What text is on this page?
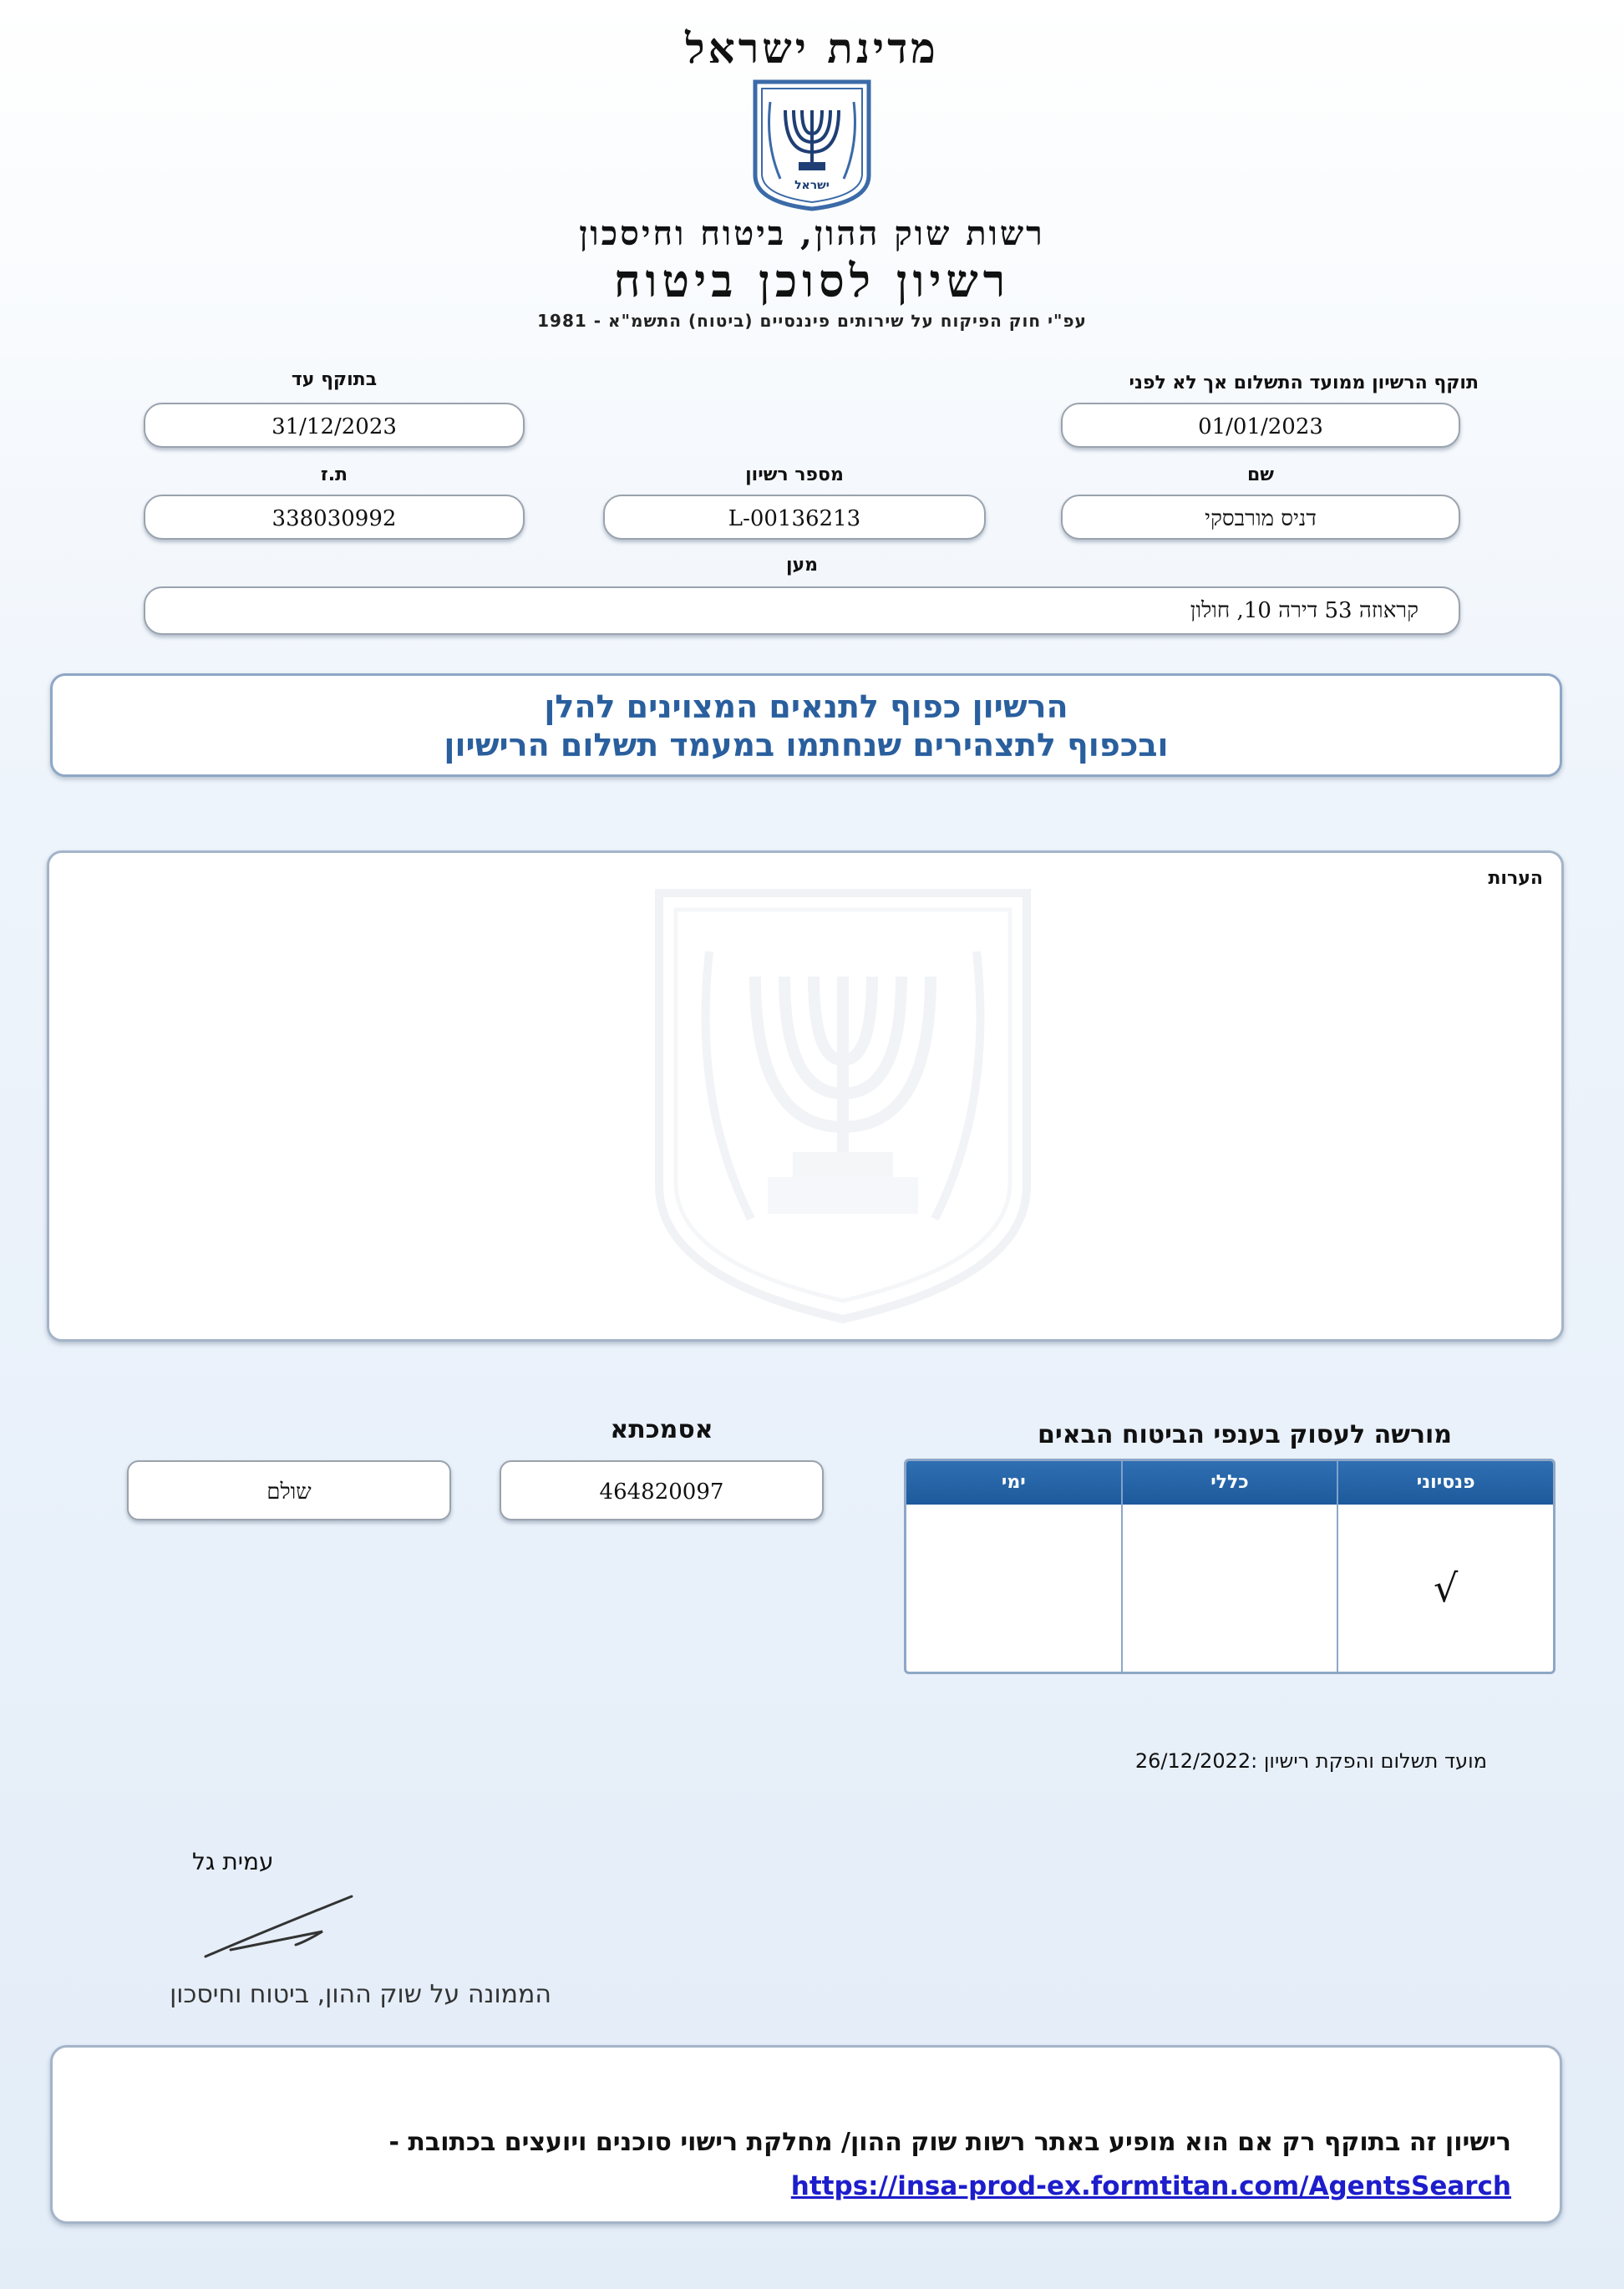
מדינת ישראל
ישראל
רשות שוק ההון, ביטוח וחיסכון
רשיון לסוכן ביטוח
עפ"י חוק הפיקוח על שירותים פיננסיים (ביטוח) התשמ"א - 1981
תוקף הרשיון ממועד התשלום אך לא לפני
01/01/2023
בתוקף עד
31/12/2023
שם
דניס מורבסקי
מספר רשיון
L-00136213
ת.ז
338030992
מען
קראוזה 53 דירה 10, חולון
הרשיון כפוף לתנאים המצוינים להלן
ובכפוף לתצהירים שנחתמו במעמד תשלום הרישיון
הערות
מורשה לעסוק בענפי הביטוח הבאים
פנסיוני
כללי
ימי
√
אסמכתא
464820097
שולם
מועד תשלום והפקת רישיון :26/12/2022
עמית גל
הממונה על שוק ההון, ביטוח וחיסכון
רישיון זה בתוקף רק אם הוא מופיע באתר רשות שוק ההון/ מחלקת רישוי סוכנים ויועצים בכתובת -
https://insa-prod-ex.formtitan.com/AgentsSearch
